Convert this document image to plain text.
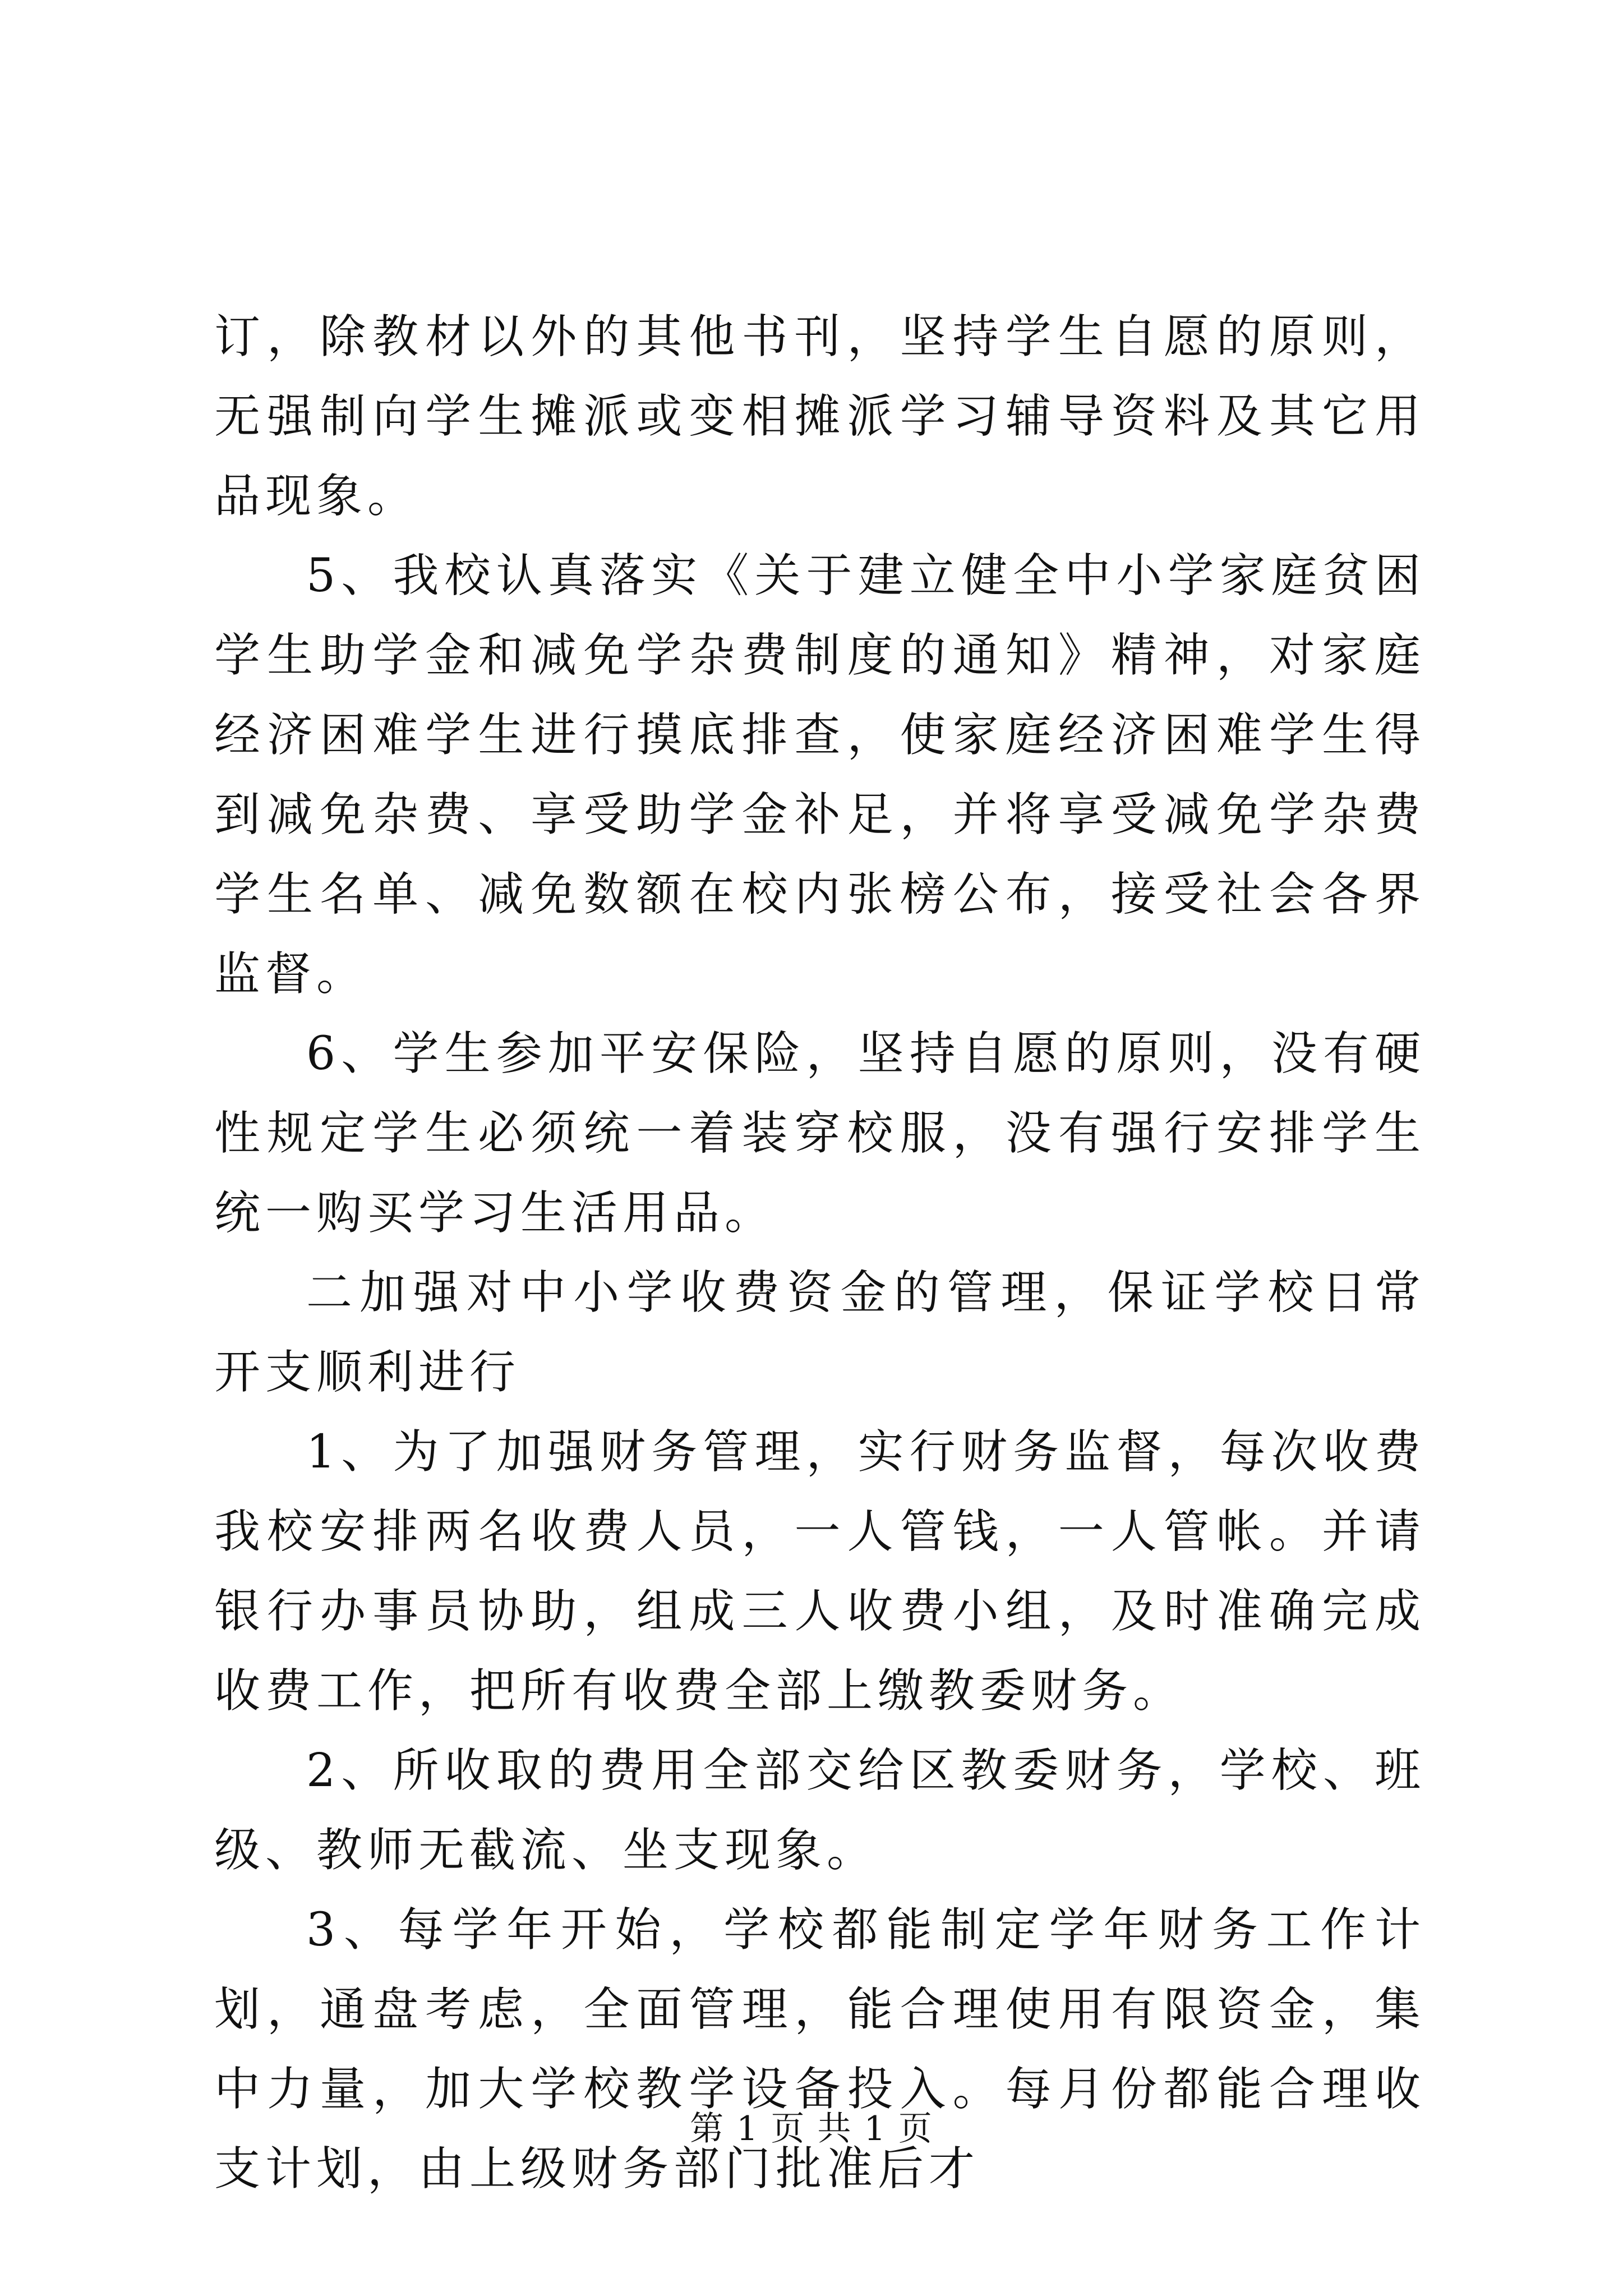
订，除教材以外的其他书刊，坚持学生自愿的原则，无强制向学生摊派或变相摊派学习辅导资料及其它用品现象。

5、我校认真落实《关于建立健全中小学家庭贫困学生助学金和减免学杂费制度的通知》精神，对家庭经济困难学生进行摸底排查，使家庭经济困难学生得到减免杂费、享受助学金补足，并将享受减免学杂费学生名单、减免数额在校内张榜公布，接受社会各界监督。

6、学生参加平安保险，坚持自愿的原则，没有硬性规定学生必须统一着装穿校服，没有强行安排学生统一购买学习生活用品。

二加强对中小学收费资金的管理，保证学校日常开支顺利进行

1、为了加强财务管理，实行财务监督，每次收费我校安排两名收费人员，一人管钱，一人管帐。并请银行办事员协助，组成三人收费小组，及时准确完成收费工作，把所有收费全部上缴教委财务。

2、所收取的费用全部交给区教委财务，学校、班级、教师无截流、坐支现象。

3、每学年开始，学校都能制定学年财务工作计划，通盘考虑，全面管理，能合理使用有限资金，集中力量，加大学校教学设备投入。每月份都能合理收支计划，由上级财务部门批准后才

第 1 页 共 1 页
